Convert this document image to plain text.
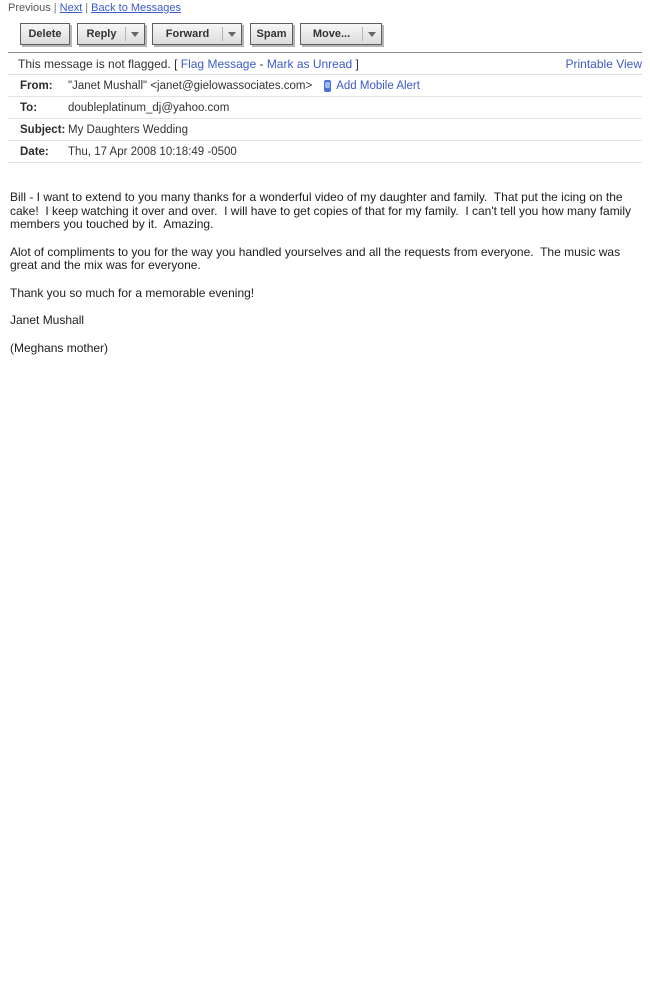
Previous | Next | Back to Messages
Delete	Reply	Forward	Spam	Move...
This message is not flagged. [ Flag Message - Mark as Unread ]	Printable View
From:	"Janet Mushall" <janet@gielowassociates.com> Add Mobile Alert
To:	doubleplatinum_dj@yahoo.com
Subject: My Daughters Wedding
Date:	Thu, 17 Apr 2008 10:18:49 -0500

Bill - I want to extend to you many thanks for a wonderful video of my daughter and family.  That put the icing on the cake!  I keep watching it over and over.  I will have to get copies of that for my family.  I can't tell you how many family members you touched by it.  Amazing.

Alot of compliments to you for the way you handled yourselves and all the requests from everyone.  The music was great and the mix was for everyone.

Thank you so much for a memorable evening!

Janet Mushall

(Meghans mother)
